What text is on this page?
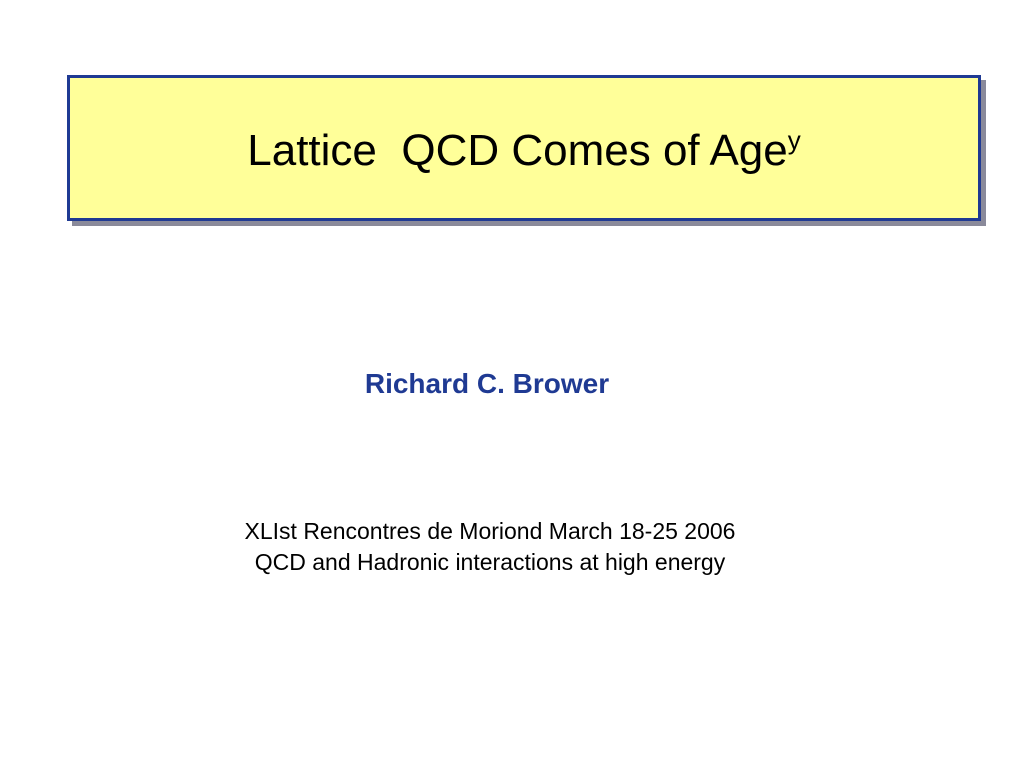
Lattice  QCD Comes of Age$^y$
Richard C. Brower
XLIst Rencontres de Moriond March 18-25 2006
QCD and Hadronic interactions at high energy
